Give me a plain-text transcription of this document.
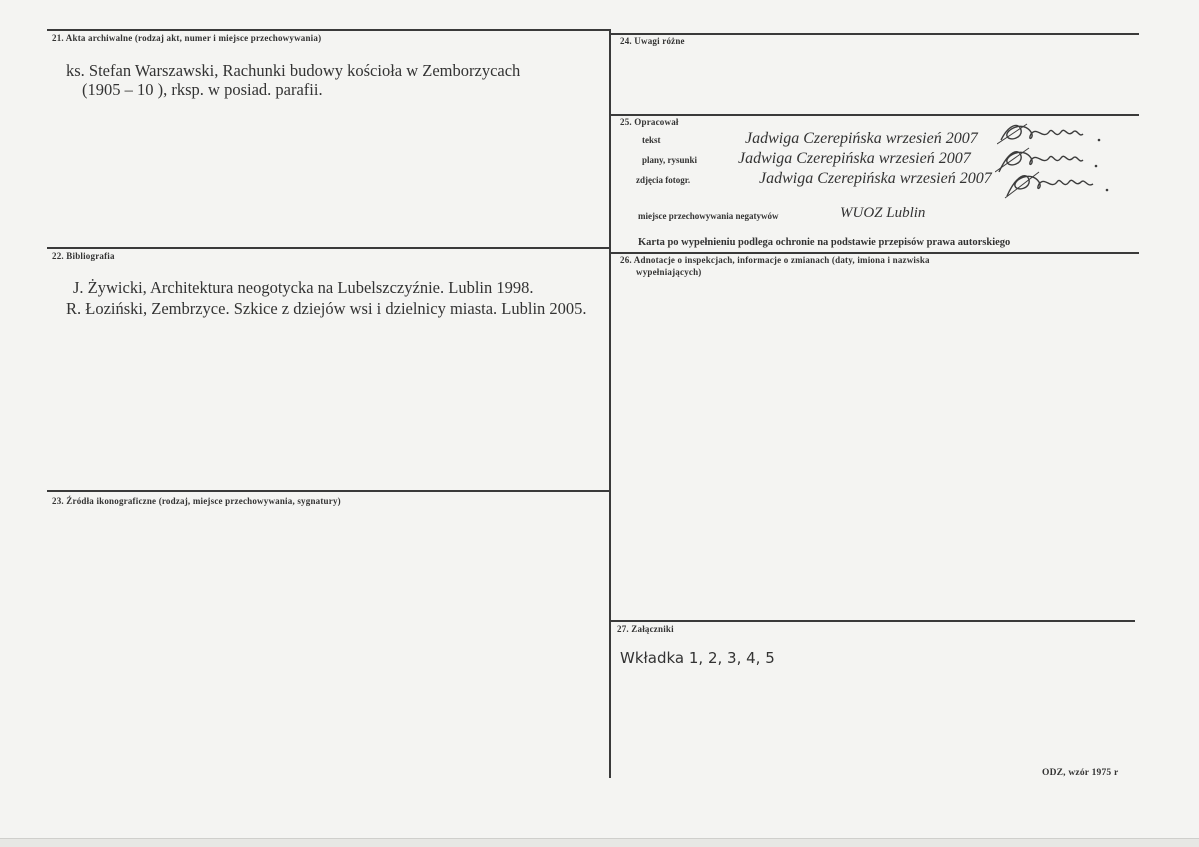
21. Akta archiwalne (rodzaj akt, numer i miejsce przechowywania)
ks. Stefan Warszawski, Rachunki budowy kościoła w Zemborzycach
(1905 – 10 ), rksp. w posiad. parafii.
24. Uwagi różne
25. Opracował
tekst	Jadwiga Czerepińska wrzesień 2007
plany, rysunki	Jadwiga Czerepińska wrzesień 2007
zdjęcia fotogr.	Jadwiga Czerepińska wrzesień 2007
miejsce przechowywania negatywów	WUOZ Lublin
Karta po wypełnieniu podlega ochronie na podstawie przepisów prawa autorskiego
22. Bibliografia
J. Żywicki, Architektura neogotycka na Lubelszczyźnie. Lublin 1998.
R. Łoziński, Zembrzyce. Szkice z dziejów wsi i dzielnicy miasta. Lublin 2005.
26. Adnotacje o inspekcjach, informacje o zmianach (daty, imiona i nazwiska
wypełniających)
23. Źródła ikonograficzne (rodzaj, miejsce przechowywania, sygnatury)
27. Załączniki
Wkładka 1, 2, 3, 4, 5
ODZ, wzór 1975 r
